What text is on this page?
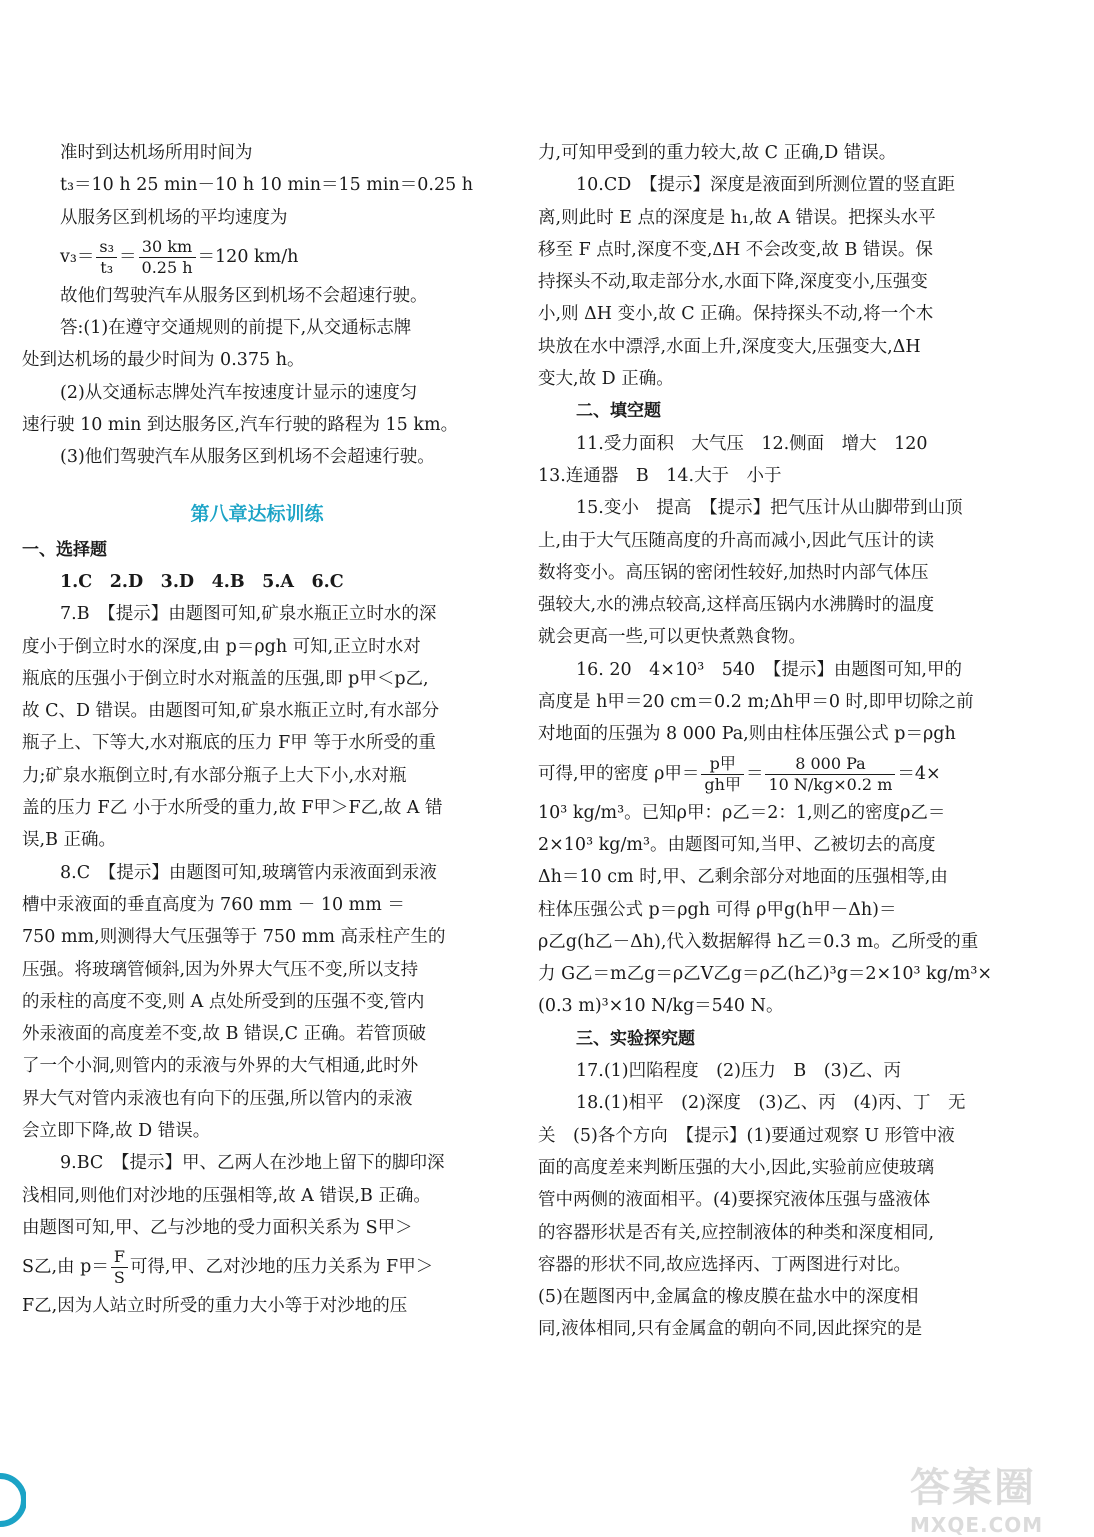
准时到达机场所用时间为
t₃＝10 h 25 min－10 h 10 min＝15 min＝0.25 h
从服务区到机场的平均速度为
$v_3= \frac{\text{s₃}}{\text{t₃}} = \frac{30 km}{0.25 h} =120$ km/h
故他们驾驶汽车从服务区到机场不会超速行驶。
答:(1)在遵守交通规则的前提下,从交通标志牌
处到达机场的最少时间为 0.375 h。
(2)从交通标志牌处汽车按速度计显示的速度匀
速行驶 10 min 到达服务区,汽车行驶的路程为 15 km。
(3)他们驾驶汽车从服务区到机场不会超速行驶。
第八章达标训练
一、选择题
1.C　2.D　3.D　4.B　5.A　6.C
7.B　【提示】由题图可知,矿泉水瓶正立时水的深
度小于倒立时水的深度,由 p＝ρgh 可知,正立时水对
瓶底的压强小于倒立时水对瓶盖的压强,即 p甲＜p乙,
故 C、D 错误。由题图可知,矿泉水瓶正立时,有水部分
瓶子上、下等大,水对瓶底的压力 F甲 等于水所受的重
力;矿泉水瓶倒立时,有水部分瓶子上大下小,水对瓶
盖的压力 F乙 小于水所受的重力,故 F甲＞F乙,故 A 错
误,B 正确。
8.C　【提示】由题图可知,玻璃管内汞液面到汞液
槽中汞液面的垂直高度为 760 mm － 10 mm ＝
750 mm,则测得大气压强等于 750 mm 高汞柱产生的
压强。将玻璃管倾斜,因为外界大气压不变,所以支持
的汞柱的高度不变,则 A 点处所受到的压强不变,管内
外汞液面的高度差不变,故 B 错误,C 正确。若管顶破
了一个小洞,则管内的汞液与外界的大气相通,此时外
界大气对管内汞液也有向下的压强,所以管内的汞液
会立即下降,故 D 错误。
9.BC　【提示】甲、乙两人在沙地上留下的脚印深
浅相同,则他们对沙地的压强相等,故 A 错误,B 正确。
由题图可知,甲、乙与沙地的受力面积关系为 S甲＞
S乙,由 $p= \frac{F}{S}$ 可得,甲、乙对沙地的压力关系为 F甲＞
F乙,因为人站立时所受的重力大小等于对沙地的压
力,可知甲受到的重力较大,故 C 正确,D 错误。
10.CD　【提示】深度是液面到所测位置的竖直距
离,则此时 E 点的深度是 h₁,故 A 错误。把探头水平
移至 F 点时,深度不变,ΔH 不会改变,故 B 错误。保
持探头不动,取走部分水,水面下降,深度变小,压强变
小,则 ΔH 变小,故 C 正确。保持探头不动,将一个木
块放在水中漂浮,水面上升,深度变大,压强变大,ΔH
变大,故 D 正确。
二、填空题
11.受力面积　大气压　12.侧面　增大　120
13.连通器　B　14.大于　小于
15.变小　提高　【提示】把气压计从山脚带到山顶
上,由于大气压随高度的升高而减小,因此气压计的读
数将变小。高压锅的密闭性较好,加热时内部气体压
强较大,水的沸点较高,这样高压锅内水沸腾时的温度
就会更高一些,可以更快煮熟食物。
16. 20　4×10³　540　【提示】由题图可知,甲的
高度是 h甲＝20 cm＝0.2 m;Δh甲＝0 时,即甲切除之前
对地面的压强为 8 000 Pa,则由柱体压强公式 p＝ρgh
可得,甲的密度 ρ甲＝ $\frac{\text{p甲}}{\text{gh甲}} = \frac{8 000 Pa}{10 N/kg\times 0.2 m} =4\times$
10³ kg/m³。已知ρ甲：ρ乙＝2：1,则乙的密度ρ乙＝
2×10³ kg/m³。由题图可知,当甲、乙被切去的高度
Δh＝10 cm 时,甲、乙剩余部分对地面的压强相等,由
柱体压强公式 p＝ρgh 可得 ρ甲g(h甲－Δh)＝
ρ乙g(h乙－Δh),代入数据解得 h乙＝0.3 m。乙所受的重
力 G乙＝m乙g＝ρ乙V乙g＝ρ乙(h乙)³g＝2×10³ kg/m³×
(0.3 m)³×10 N/kg＝540 N。
三、实验探究题
17.(1)凹陷程度　(2)压力　B　(3)乙、丙
18.(1)相平　(2)深度　(3)乙、丙　(4)丙、丁　无
关　(5)各个方向　【提示】(1)要通过观察 U 形管中液
面的高度差来判断压强的大小,因此,实验前应使玻璃
管中两侧的液面相平。(4)要探究液体压强与盛液体
的容器形状是否有关,应控制液体的种类和深度相同,
容器的形状不同,故应选择丙、丁两图进行对比。
(5)在题图丙中,金属盒的橡皮膜在盐水中的深度相
同,液体相同,只有金属盒的朝向不同,因此探究的是
答案圈
MXQE.COM
